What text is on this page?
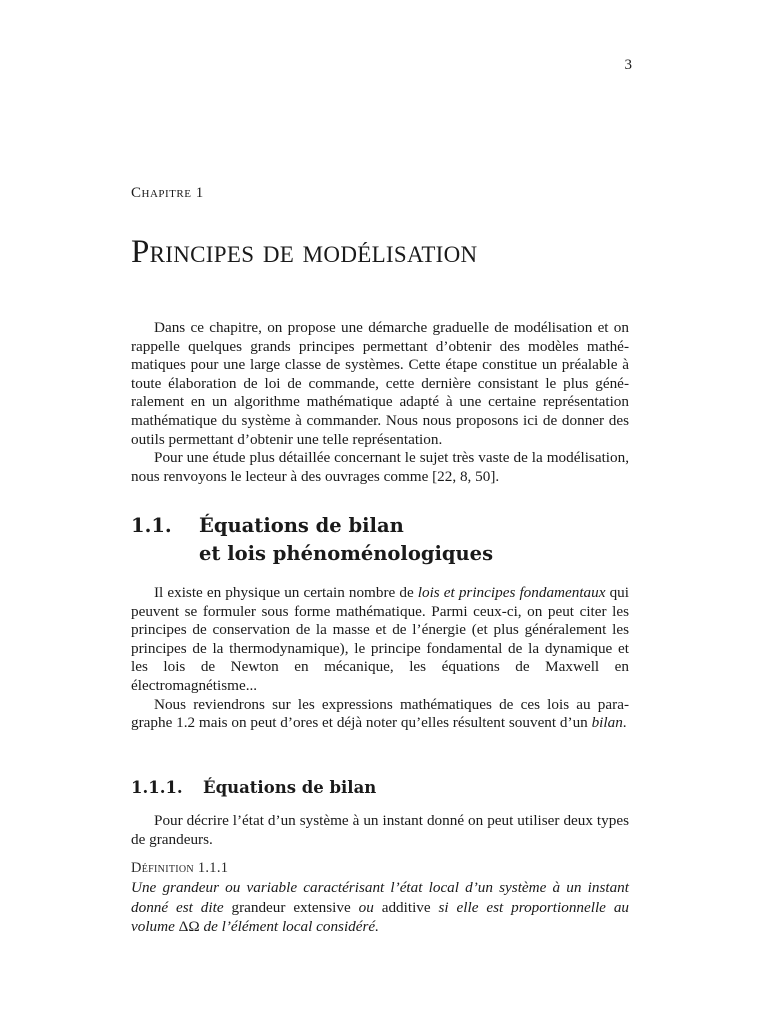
3
Chapitre 1
Principes de modélisation

Dans ce chapitre, on propose une démarche graduelle de modélisation et on rappelle quelques grands principes permettant d’obtenir des modèles mathématiques pour une large classe de systèmes. Cette étape constitue un préalable à toute élaboration de loi de commande, cette dernière consistant le plus généralement en un algorithme mathématique adapté à une certaine représentation mathématique du système à commander. Nous nous proposons ici de donner des outils permettant d’obtenir une telle représentation.

Pour une étude plus détaillée concernant le sujet très vaste de la modélisation, nous renvoyons le lecteur à des ouvrages comme [22, 8, 50].

1.1. Équations de bilan
et lois phénoménologiques

Il existe en physique un certain nombre de lois et principes fondamentaux qui peuvent se formuler sous forme mathématique. Parmi ceux-ci, on peut citer les principes de conservation de la masse et de l’énergie (et plus généralement les principes de la thermodynamique), le principe fondamental de la dynamique et les lois de Newton en mécanique, les équations de Maxwell en électromagnétisme...

Nous reviendrons sur les expressions mathématiques de ces lois au paragraphe 1.2 mais on peut d’ores et déjà noter qu’elles résultent souvent d’un bilan.

1.1.1. Équations de bilan

Pour décrire l’état d’un système à un instant donné on peut utiliser deux types de grandeurs.

Définition 1.1.1

Une grandeur ou variable caractérisant l’état local d’un système à un instant donné est dite grandeur extensive ou additive si elle est proportionnelle au volume ΔΩ de l’élément local considéré.
